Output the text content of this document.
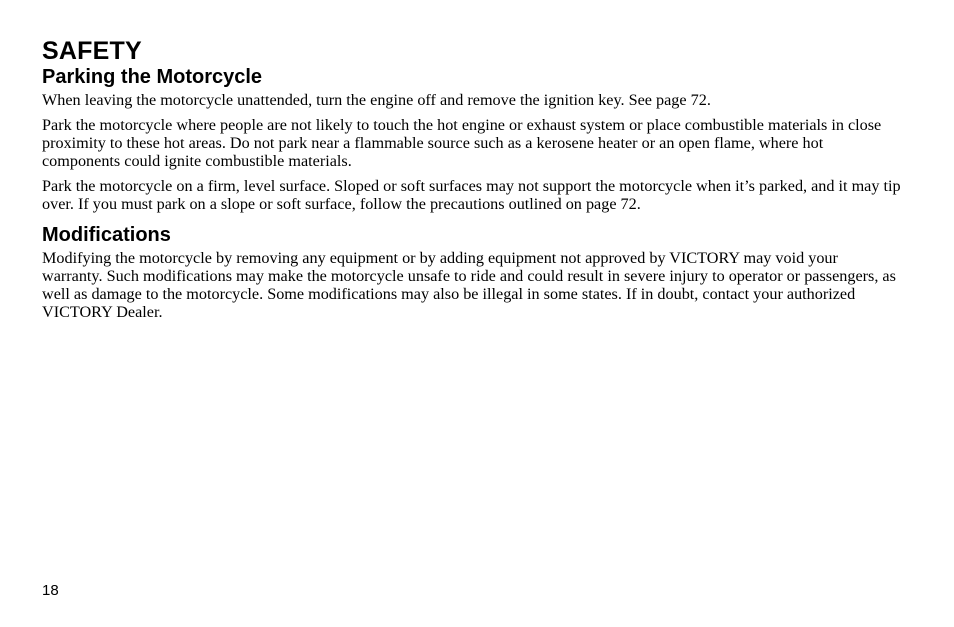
SAFETY
Parking the Motorcycle

When leaving the motorcycle unattended, turn the engine off and remove the ignition key. See page 72.

Park the motorcycle where people are not likely to touch the hot engine or exhaust system or place combustible materials in close proximity to these hot areas. Do not park near a flammable source such as a kerosene heater or an open flame, where hot components could ignite combustible materials.

Park the motorcycle on a firm, level surface. Sloped or soft surfaces may not support the motorcycle when it’s parked, and it may tip over. If you must park on a slope or soft surface, follow the precautions outlined on page 72.

Modifications

Modifying the motorcycle by removing any equipment or by adding equipment not approved by VICTORY may void your warranty. Such modifications may make the motorcycle unsafe to ride and could result in severe injury to operator or passengers, as well as damage to the motorcycle. Some modifications may also be illegal in some states. If in doubt, contact your authorized VICTORY Dealer.

18
